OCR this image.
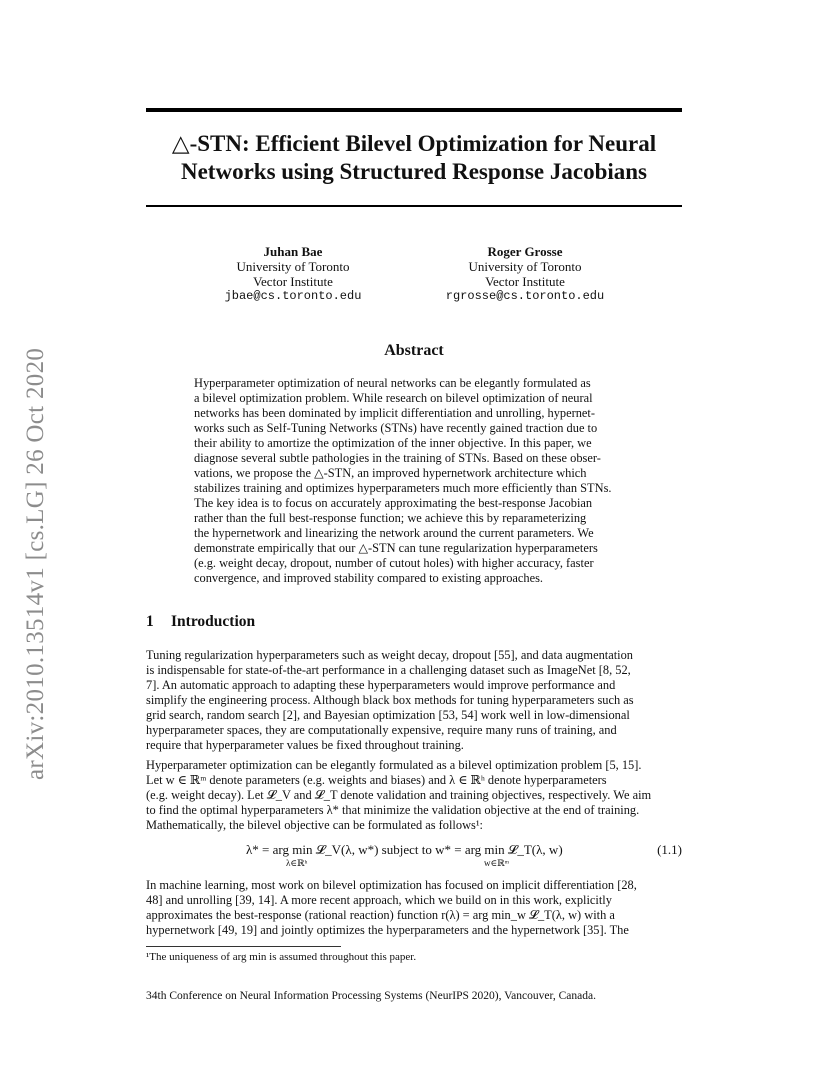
arXiv:2010.13514v1 [cs.LG] 26 Oct 2020
△-STN: Efficient Bilevel Optimization for Neural
Networks using Structured Response Jacobians
Juhan Bae
University of Toronto
Vector Institute
jbae@cs.toronto.edu
Roger Grosse
University of Toronto
Vector Institute
rgrosse@cs.toronto.edu
Abstract
Hyperparameter optimization of neural networks can be elegantly formulated as
a bilevel optimization problem. While research on bilevel optimization of neural
networks has been dominated by implicit differentiation and unrolling, hypernet-
works such as Self-Tuning Networks (STNs) have recently gained traction due to
their ability to amortize the optimization of the inner objective. In this paper, we
diagnose several subtle pathologies in the training of STNs. Based on these obser-
vations, we propose the △-STN, an improved hypernetwork architecture which
stabilizes training and optimizes hyperparameters much more efficiently than STNs.
The key idea is to focus on accurately approximating the best-response Jacobian
rather than the full best-response function; we achieve this by reparameterizing
the hypernetwork and linearizing the network around the current parameters. We
demonstrate empirically that our △-STN can tune regularization hyperparameters
(e.g. weight decay, dropout, number of cutout holes) with higher accuracy, faster
convergence, and improved stability compared to existing approaches.
1 Introduction
Tuning regularization hyperparameters such as weight decay, dropout [55], and data augmentation
is indispensable for state-of-the-art performance in a challenging dataset such as ImageNet [8, 52,
7]. An automatic approach to adapting these hyperparameters would improve performance and
simplify the engineering process. Although black box methods for tuning hyperparameters such as
grid search, random search [2], and Bayesian optimization [53, 54] work well in low-dimensional
hyperparameter spaces, they are computationally expensive, require many runs of training, and
require that hyperparameter values be fixed throughout training.
Hyperparameter optimization can be elegantly formulated as a bilevel optimization problem [5, 15].
Let w ∈ ℝᵐ denote parameters (e.g. weights and biases) and λ ∈ ℝʰ denote hyperparameters
(e.g. weight decay). Let 𝓛_V and 𝓛_T denote validation and training objectives, respectively. We aim
to find the optimal hyperparameters λ* that minimize the validation objective at the end of training.
Mathematically, the bilevel objective can be formulated as follows¹:
λ* = arg min 𝓛_V(λ, w*) subject to w* = arg min 𝓛_T(λ, w)
λ∈ℝʰ	w∈ℝᵐ
(1.1)
In machine learning, most work on bilevel optimization has focused on implicit differentiation [28,
48] and unrolling [39, 14]. A more recent approach, which we build on in this work, explicitly
approximates the best-response (rational reaction) function r(λ) = arg min_w 𝓛_T(λ, w) with a
hypernetwork [49, 19] and jointly optimizes the hyperparameters and the hypernetwork [35]. The
¹The uniqueness of arg min is assumed throughout this paper.
34th Conference on Neural Information Processing Systems (NeurIPS 2020), Vancouver, Canada.
